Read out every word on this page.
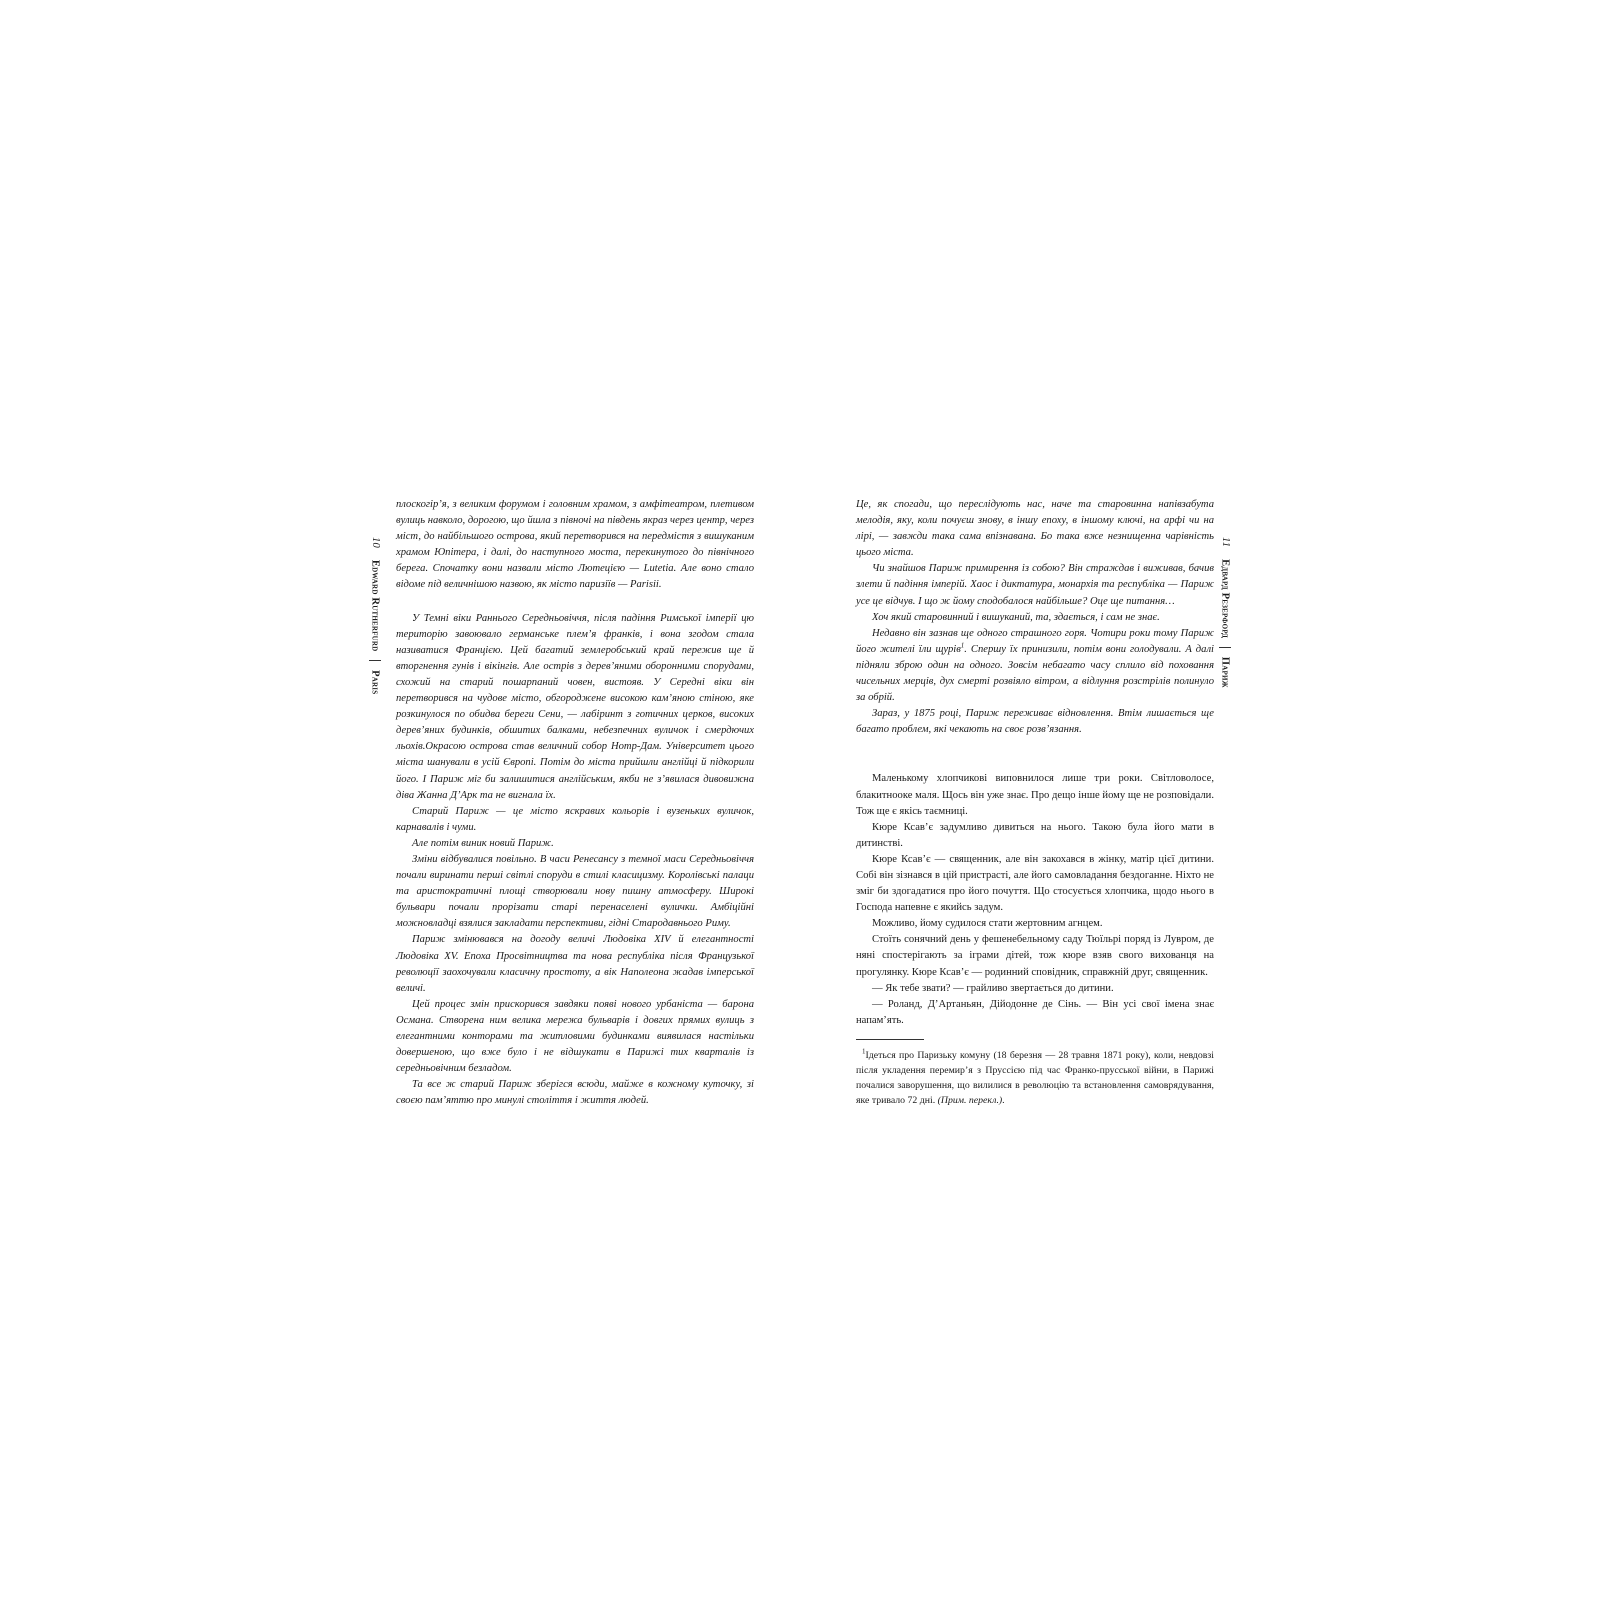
10 Edward Rutherfurd  Paris

плоскогір’я, з великим форумом і головним храмом, з амфітеатром, плетивом вулиць навколо, дорогою, що йшла з півночі на південь якраз через центр, через міст, до найбільшого острова, який перетворився на передмістя з вишуканим храмом Юпітера, і далі, до наступного моста, перекинутого до північного берега. Спочатку вони назвали місто Лютецією — Lutetia. Але воно стало відоме під величнішою назвою, як місто паризіїв — Parisii.

У Темні віки Раннього Середньовіччя, після падіння Римської імперії цю територію завоювало германське плем’я франків, і вона згодом стала називатися Францією. Цей багатий землеробський край пережив ще й вторгнення гунів і вікінгів. Але острів з дерев’яними оборонними спорудами, схожий на старий пошарпаний човен, вистояв. У Середні віки він перетворився на чудове місто, обгороджене високою кам’яною стіною, яке розкинулося по обидва береги Сени, — лабіринт з готичних церков, високих дерев’яних будинків, обшитих балками, небезпечних вуличок і смердючих льохів.Окрасою острова став величний собор Нотр-Дам. Університет цього міста шанували в усій Європі. Потім до міста прийшли англійці й підкорили його. І Париж міг би залишитися англійським, якби не з’явилася дивовижна діва Жанна Д’Арк та не вигнала їх.

Старий Париж — це місто яскравих кольорів і вузеньких вуличок, карнавалів і чуми.

Але потім виник новий Париж.

Зміни відбувалися повільно. В часи Ренесансу з темної маси Середньовіччя почали виринати перші світлі споруди в стилі класицизму. Королівські палаци та аристократичні площі створювали нову пишну атмосферу. Широкі бульвари почали прорізати старі перенаселені вулички. Амбіційні можновладці взялися закладати перспективи, гідні Стародавнього Риму.

Париж змінювався на догоду величі Людовіка XIV й елегантності Людовіка XV. Епоха Просвітництва та нова республіка після Французької революції заохочували класичну простоту, а вік Наполеона жадав імперської величі.

Цей процес змін прискорився завдяки появі нового урбаніста — барона Османа. Створена ним велика мережа бульварів і довгих прямих вулиць з елегантними конторами та житловими будинками виявилася настільки довершеною, що вже було і не відшукати в Парижі тих кварталів із середньовічним безладом.

Та все ж старий Париж зберігся всюди, майже в кожному куточку, зі своєю пам’яттю про минулі століття і життя людей.

Це, як спогади, що переслідують нас, наче та старовинна напівзабута мелодія, яку, коли почуєш знову, в іншу епоху, в іншому ключі, на арфі чи на лірі, — завжди така сама впізнавана. Бо така вже незнищенна чарівність цього міста.

Чи знайшов Париж примирення із собою? Він страждав і виживав, бачив злети й падіння імперій. Хаос і диктатура, монархія та республіка — Париж усе це відчув. І що ж йому сподобалося найбільше? Оце ще питання…

Хоч який старовинний і вишуканий, та, здається, і сам не знає.

Недавно він зазнав ще одного страшного горя. Чотири роки тому Париж його жителі їли щурів$^1$. Спершу їх принизили, потім вони голодували. А далі підняли зброю один на одного. Зовсім небагато часу сплило від поховання чисельних мерців, дух смерті розвіяло вітром, а відлуння розстрілів полинуло за обрій.

Зараз, у 1875 році, Париж переживає відновлення. Втім лишається ще багато проблем, які чекають на своє розв’язання.

Маленькому хлопчикові виповнилося лише три роки. Світловолосе, блакитнооке маля. Щось він уже знає. Про дещо інше йому ще не розповідали. Тож ще є якісь таємниці.

Кюре Ксав’є задумливо дивиться на нього. Такою була його мати в дитинстві.

Кюре Ксав’є — священник, але він закохався в жінку, матір цієї дитини. Собі він зізнався в цій пристрасті, але його самовладання бездоганне. Ніхто не зміг би здогадатися про його почуття. Що стосується хлопчика, щодо нього в Господа напевне є якийсь задум.

Можливо, йому судилося стати жертовним агнцем.

Стоїть сонячний день у фешенебельному саду Тюїльрі поряд із Лувром, де няні спостерігають за іграми дітей, тож кюре взяв свого вихованця на прогулянку. Кюре Ксав’є — родинний сповідник, справжній друг, священник.

— Як тебе звати? — грайливо звертається до дитини.

— Роланд, Д’Артаньян, Дійодонне де Сінь. — Він усі свої імена знає напам’ять.

$^1$Ідеться про Паризьку комуну (18 березня — 28 травня 1871 року), коли, невдовзі після укладення перемир’я з Пруссією під час Франко-прусської війни, в Парижі почалися заворушення, що вилилися в революцію та встановлення самоврядування, яке тривало 72 дні. (Прим. перекл.).

11 Едвард Резерфорд  Париж
